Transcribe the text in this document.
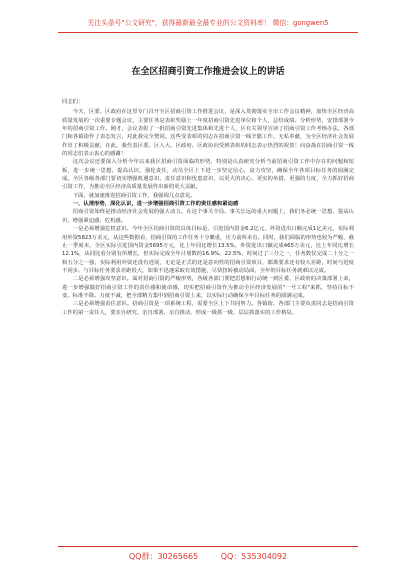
关注头条号"公文研究"，获得最新最全最专业的公文资料库！ 微信：gongwen5
在全区招商引资工作推进会议上的讲话

同志们：

今天，区委、区政府在这里专门召开全区招商引资工作推进会议，是深入贯彻落实全市工作会议精神，加快全区经济高质量发展的一次重要专题会议，主要任务是表彰奖励上一年度招商引资先进单位和个人，总结成绩、分析形势，安排部署今年的招商引资工作。刚才，会议表彰了一批招商引资先进集体和先进个人，区有关领导宣读了招商引资工作考核办法，各部门和各镇街作了表态发言，对此我完全赞同。这些受表彰的同志在招商引资一线辛勤工作、无私奉献，为全区经济社会发展作出了积极贡献，在此，我代表区委、区人大、区政府、区政协向受到表彰的同志表示热烈的祝贺！向奋战在招商引资一线的同志们表示衷心的感谢！

这次会议还要深入分析今年以来我区招商引资面临的形势，特别是认真研究分析当前招商引资工作中存在的问题和短板，进一步统一思想、提高认识，强化责任，动员全区上下进一步坚定信心，奋力攻坚，确保全年各项目标任务的圆满完成。全区各级各部门要切实增强机遇意识、责任意识和忧患意识，以更大的决心、更实的举措、更强的力度，全力抓好招商引资工作，为推动全区经济高质量发展作出新的更大贡献。

下面，就加速推进招商引资工作，我强调几点意见。

一、认清形势，深化认识，进一步增强招商引资工作的责任感和紧迫感

招商引资始终是推动经济社会发展的强大动力。在这个事关全局、事关长远的重大问题上，我们务必统一思想、提高认识，增强紧迫感、危机感。

一是必须增强危机意识。今年全区招商引资的具体目标是，引进国内资金6.2亿元，外资进出口额完成1亿美元，实际利用外资5823万美元，从这些数据看，招商引资的工作任务十分繁重，压力前所未有。同时，我们面临的形势也较为严峻，截止一季度末，全区实际引进国内资金5695万元，比上年同比增长13.5%，外资进出口额完成465万美元，比上年同比增长12.1%，从同比看分别有所增长，但实际完成全年计划数的16.9%、22.5%，时间过了三分之一，任务数仅完成二十分之一和五分之一强，实际利用外资还没有进展，无论是正式的还是意向性的招商引资项目，都离要求还有较大差距，时间与进度不同步、与目标任务要求差距很大，如果不迅速采取有效措施，尽快扭转被动局面，全年的目标任务就难以完成。

二是必须增强攻坚意识。面对招商引资的严峻形势，各级各部门要把思想和行动统一到区委、区政府的决策部署上来，进一步增强做好招商引资工作的责任感和使命感，切实把招商引资作为推动全区经济发展的"一号工程"来抓，坚持目标不变、标准不降、力度不减，把全部精力集中到招商引资上来，以实际行动确保全年目标任务的圆满完成。

三是必须增强责任意识。招商引资是一项系统工程，需要全区上下共同努力。各镇街、各部门主要负责同志是招商引资工作的第一责任人，要亲自研究、亲自部署、亲自推动，形成一级抓一级、层层抓落实的工作格局。

QQ群：30265665	QQ：535304092
